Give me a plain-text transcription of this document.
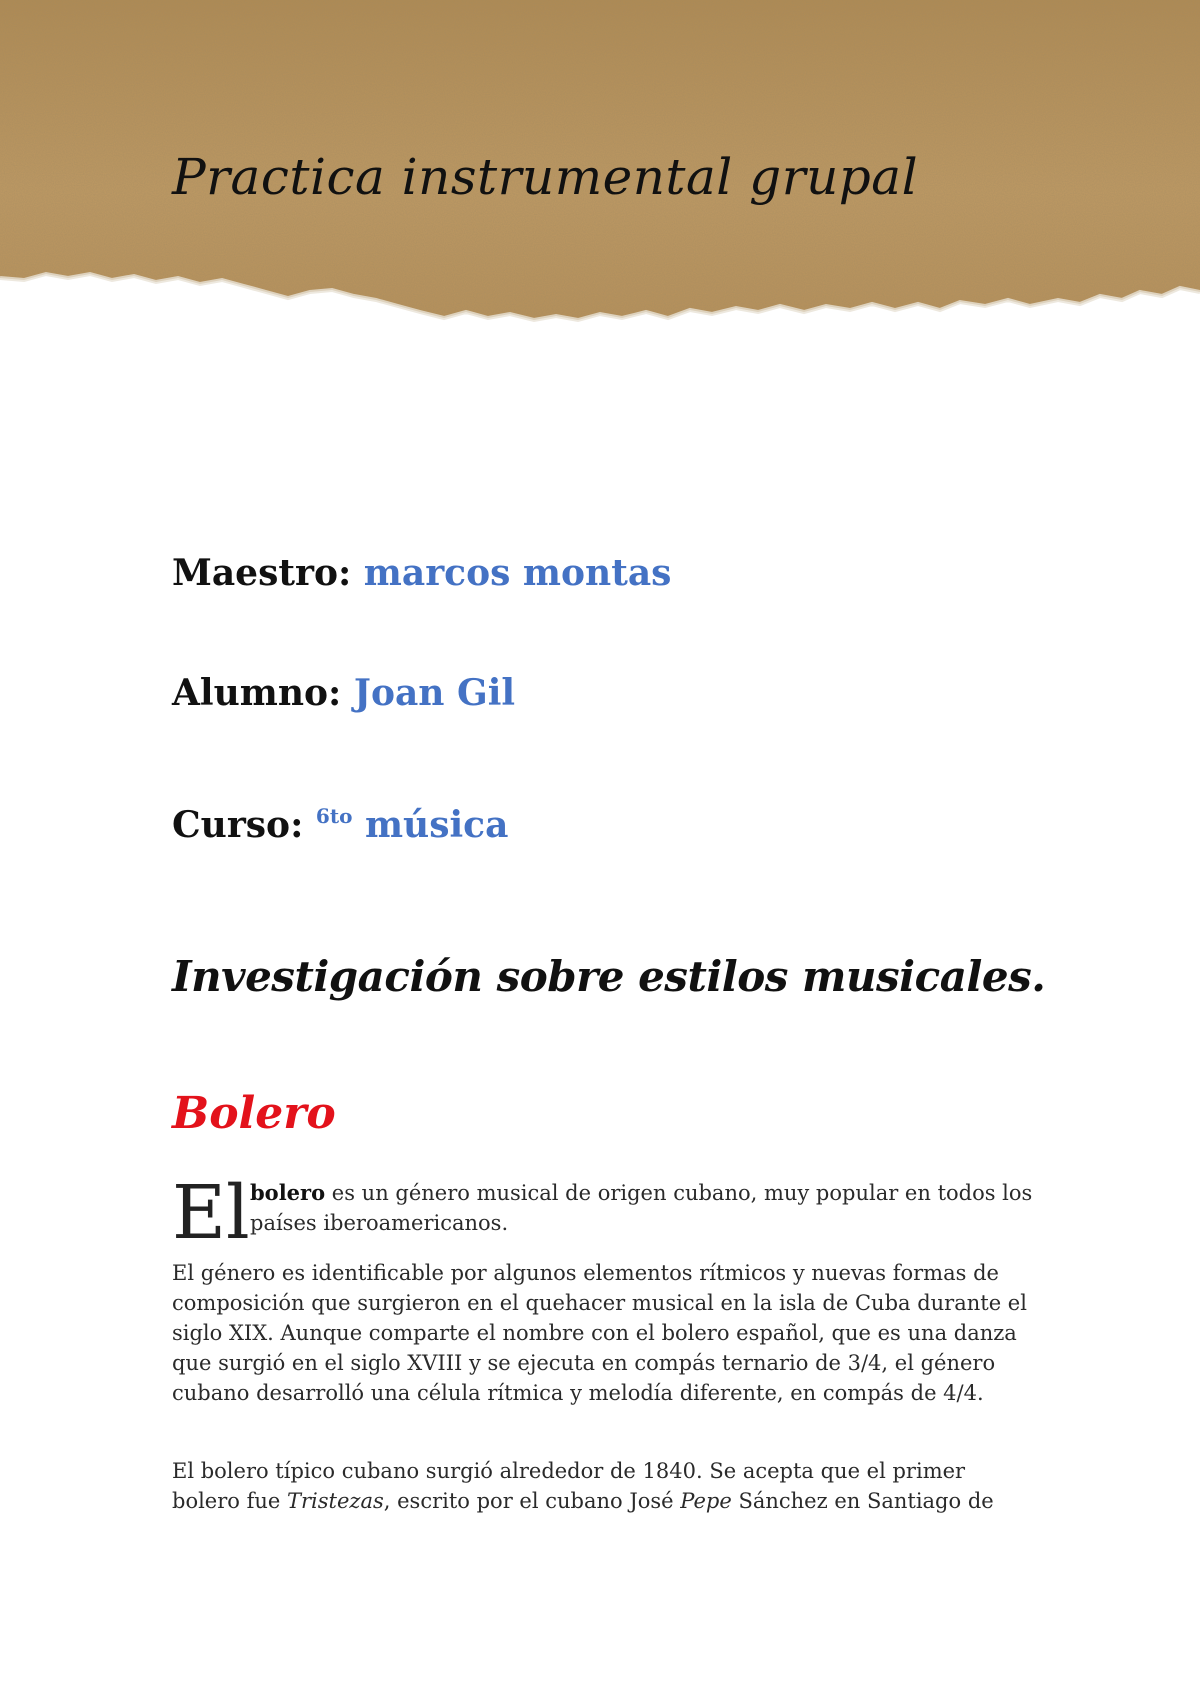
Practica instrumental grupal
Maestro: marcos montas
Alumno: Joan Gil
Curso: $^{6to}$ música
Investigación sobre estilos musicales.
Bolero
El bolero es un género musical de origen cubano, muy popular en todos los países iberoamericanos.
El género es identificable por algunos elementos rítmicos y nuevas formas de composición que surgieron en el quehacer musical en la isla de Cuba durante el siglo XIX. Aunque comparte el nombre con el bolero español, que es una danza que surgió en el siglo XVIII y se ejecuta en compás ternario de 3/4, el género cubano desarrolló una célula rítmica y melodía diferente, en compás de 4/4.
El bolero típico cubano surgió alrededor de 1840. Se acepta que el primer bolero fue Tristezas, escrito por el cubano José Pepe Sánchez en Santiago de
